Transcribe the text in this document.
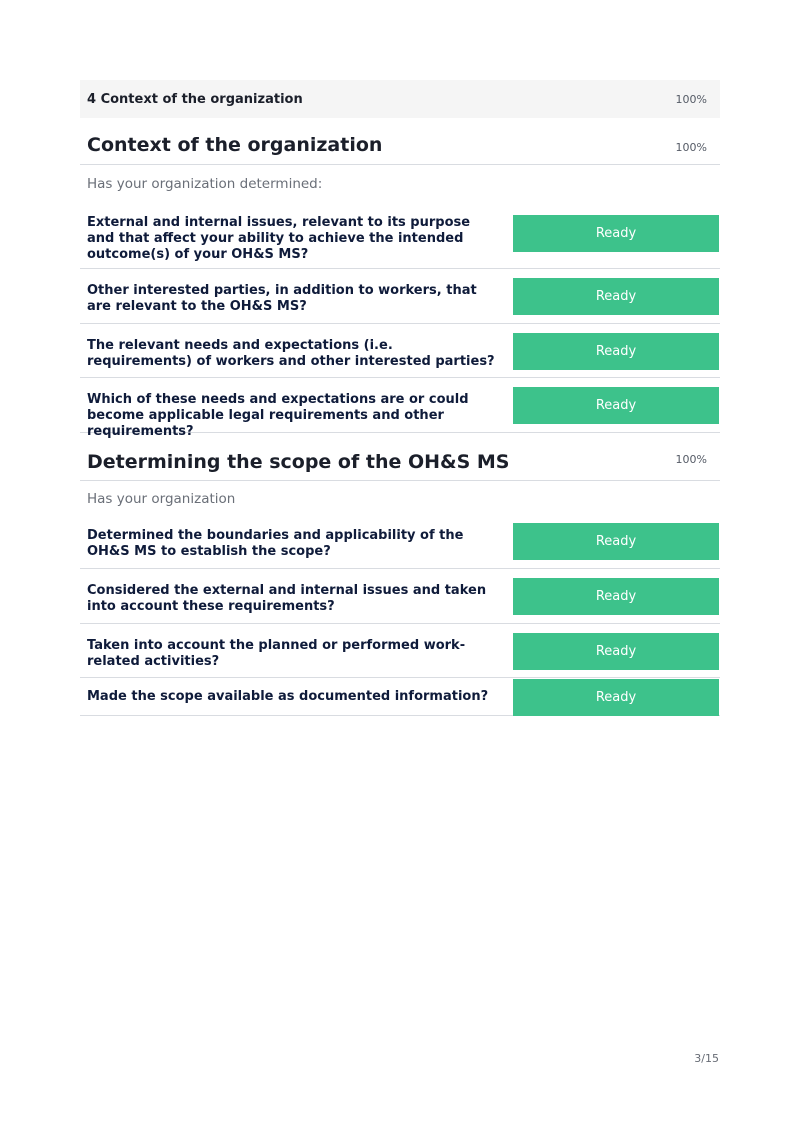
4 Context of the organization	100%
Context of the organization	100%
Has your organization determined:
External and internal issues, relevant to its purpose and that affect your ability to achieve the intended outcome(s) of your OH&S MS?
Ready
Other interested parties, in addition to workers, that are relevant to the OH&S MS?
Ready
The relevant needs and expectations (i.e. requirements) of workers and other interested parties?
Ready
Which of these needs and expectations are or could become applicable legal requirements and other requirements?
Ready
Determining the scope of the OH&S MS	100%
Has your organization
Determined the boundaries and applicability of the OH&S MS to establish the scope?
Ready
Considered the external and internal issues and taken into account these requirements?
Ready
Taken into account the planned or performed work-related activities?
Ready
Made the scope available as documented information?	Ready
3/15
